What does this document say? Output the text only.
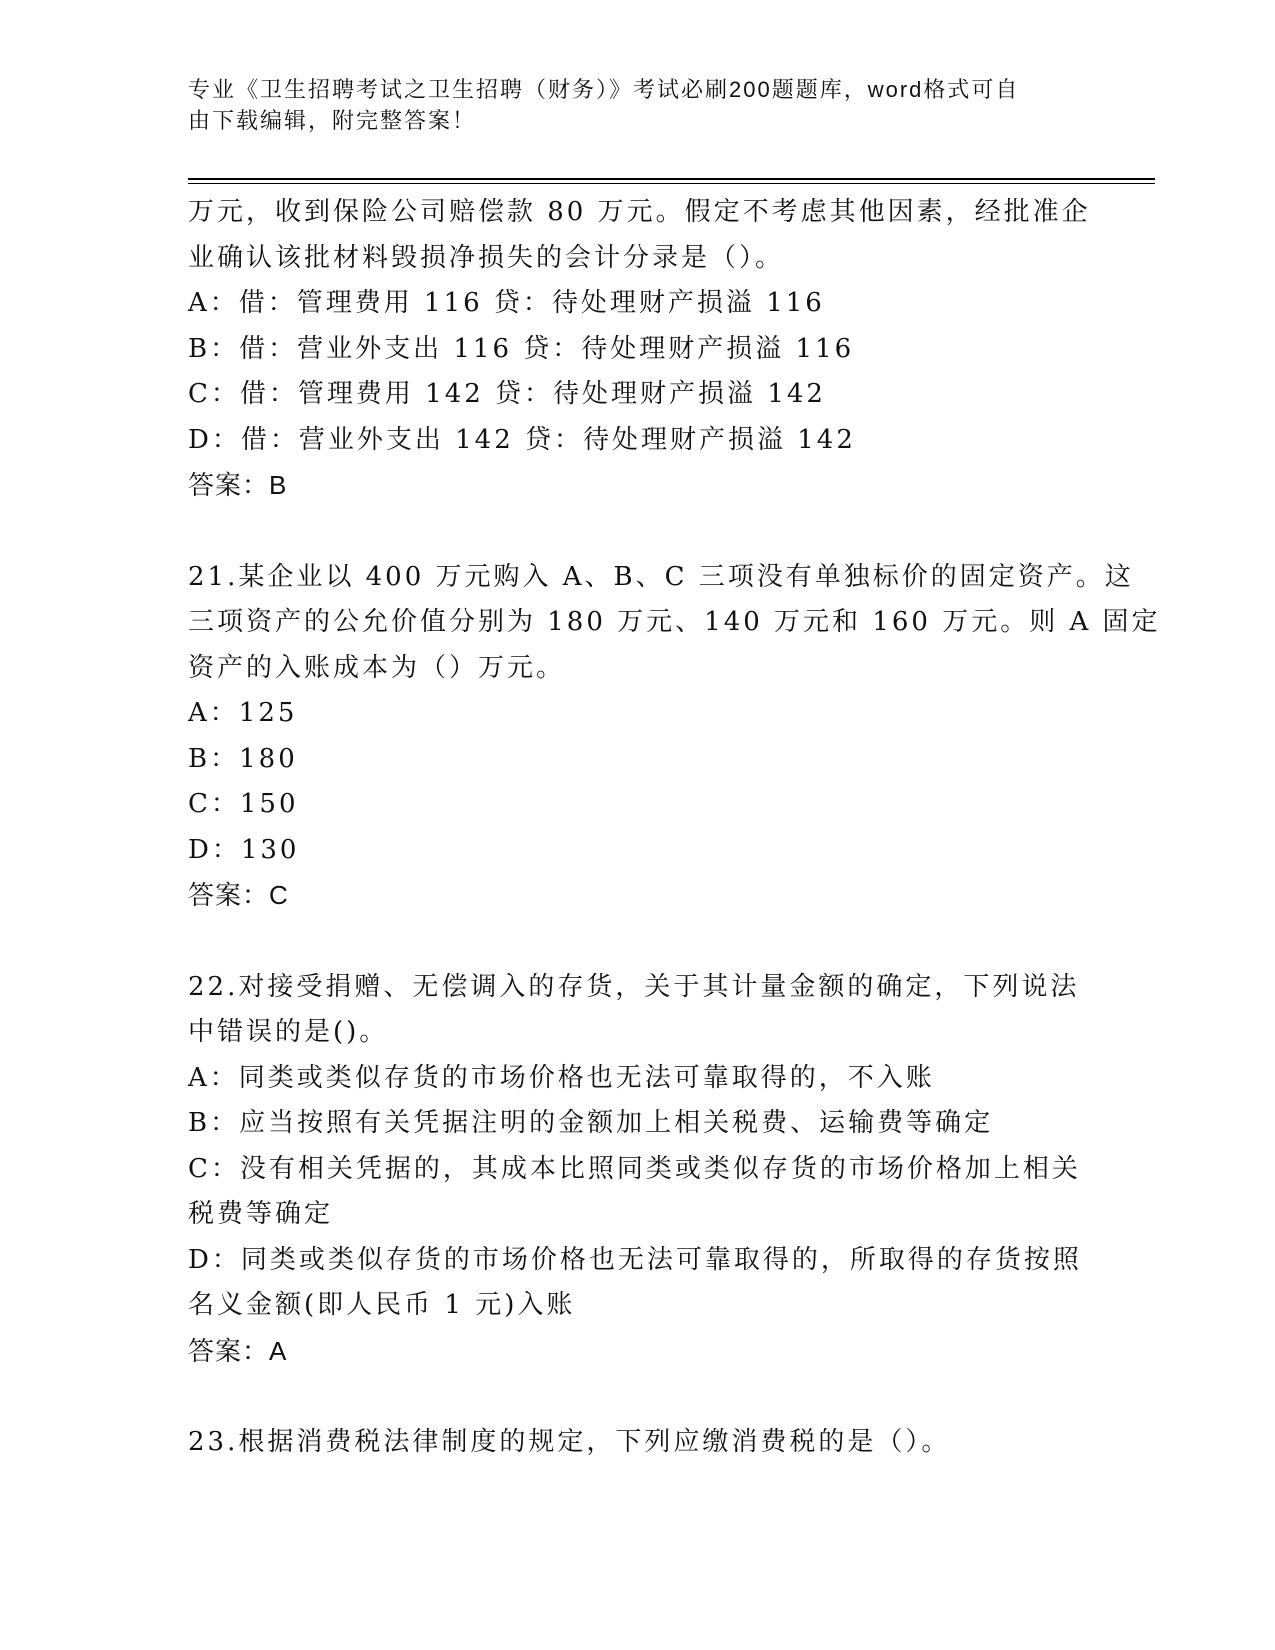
专业《卫生招聘考试之卫生招聘（财务）》考试必刷200题题库，word格式可自
由下载编辑，附完整答案！
万元，收到保险公司赔偿款 80 万元。假定不考虑其他因素，经批准企
业确认该批材料毁损净损失的会计分录是（）。
A：借：管理费用 116 贷：待处理财产损溢 116
B：借：营业外支出 116 贷：待处理财产损溢 116
C：借：管理费用 142 贷：待处理财产损溢 142
D：借：营业外支出 142 贷：待处理财产损溢 142
答案：B
21.某企业以 400 万元购入 A、B、C 三项没有单独标价的固定资产。这
三项资产的公允价值分别为 180 万元、140 万元和 160 万元。则 A 固定
资产的入账成本为（）万元。
A：125
B：180
C：150
D：130
答案：C
22.对接受捐赠、无偿调入的存货，关于其计量金额的确定，下列说法
中错误的是()。
A：同类或类似存货的市场价格也无法可靠取得的，不入账
B：应当按照有关凭据注明的金额加上相关税费、运输费等确定
C：没有相关凭据的，其成本比照同类或类似存货的市场价格加上相关
税费等确定
D：同类或类似存货的市场价格也无法可靠取得的，所取得的存货按照
名义金额(即人民币 1 元)入账
答案：A
23.根据消费税法律制度的规定，下列应缴消费税的是（）。
